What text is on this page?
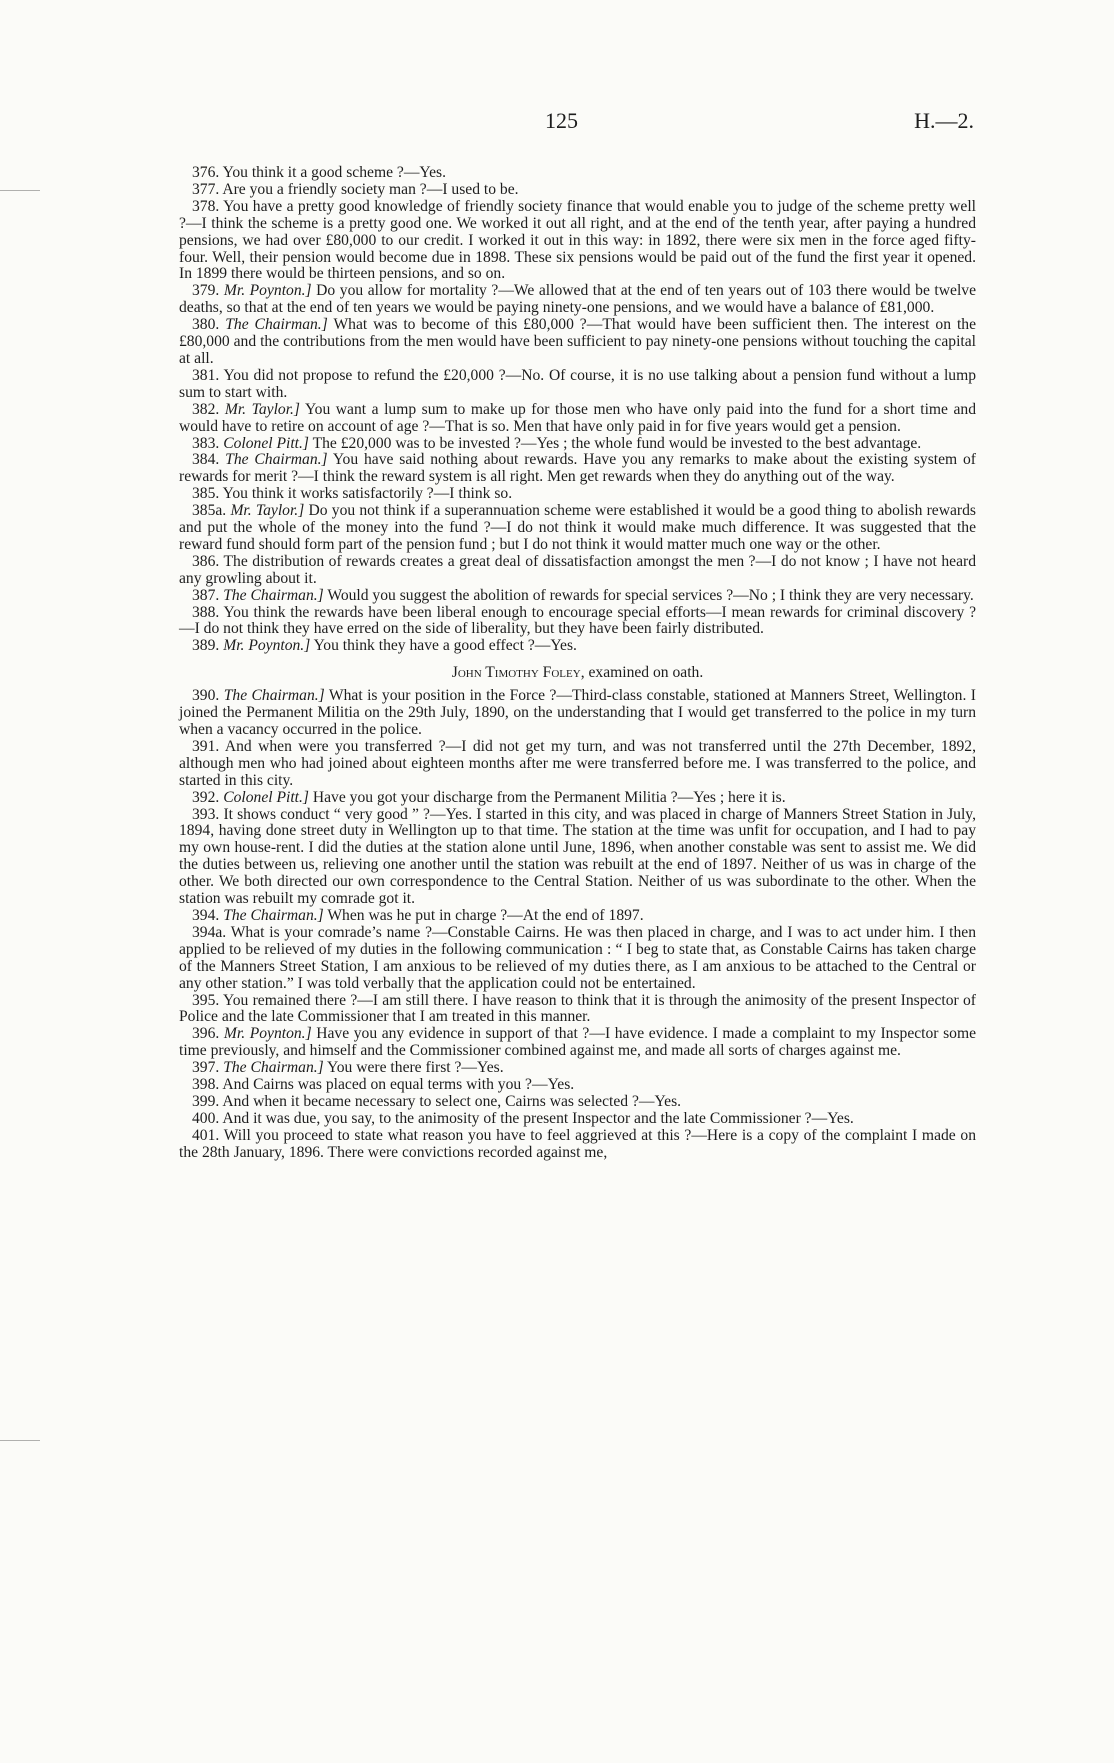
125	H.—2.

376. You think it a good scheme ?—Yes.

377. Are you a friendly society man ?—I used to be.

378. You have a pretty good knowledge of friendly society finance that would enable you to judge of the scheme pretty well ?—I think the scheme is a pretty good one. We worked it out all right, and at the end of the tenth year, after paying a hundred pensions, we had over £80,000 to our credit. I worked it out in this way: in 1892, there were six men in the force aged fifty-four. Well, their pension would become due in 1898. These six pensions would be paid out of the fund the first year it opened. In 1899 there would be thirteen pensions, and so on.

379. Mr. Poynton.] Do you allow for mortality ?—We allowed that at the end of ten years out of 103 there would be twelve deaths, so that at the end of ten years we would be paying ninety-one pensions, and we would have a balance of £81,000.

380. The Chairman.] What was to become of this £80,000 ?—That would have been sufficient then. The interest on the £80,000 and the contributions from the men would have been sufficient to pay ninety-one pensions without touching the capital at all.

381. You did not propose to refund the £20,000 ?—No. Of course, it is no use talking about a pension fund without a lump sum to start with.

382. Mr. Taylor.] You want a lump sum to make up for those men who have only paid into the fund for a short time and would have to retire on account of age ?—That is so. Men that have only paid in for five years would get a pension.

383. Colonel Pitt.] The £20,000 was to be invested ?—Yes ; the whole fund would be invested to the best advantage.

384. The Chairman.] You have said nothing about rewards. Have you any remarks to make about the existing system of rewards for merit ?—I think the reward system is all right. Men get rewards when they do anything out of the way.

385. You think it works satisfactorily ?—I think so.

385a. Mr. Taylor.] Do you not think if a superannuation scheme were established it would be a good thing to abolish rewards and put the whole of the money into the fund ?—I do not think it would make much difference. It was suggested that the reward fund should form part of the pension fund ; but I do not think it would matter much one way or the other.

386. The distribution of rewards creates a great deal of dissatisfaction amongst the men ?—I do not know ; I have not heard any growling about it.

387. The Chairman.] Would you suggest the abolition of rewards for special services ?—No ; I think they are very necessary.

388. You think the rewards have been liberal enough to encourage special efforts—I mean rewards for criminal discovery ?—I do not think they have erred on the side of liberality, but they have been fairly distributed.

389. Mr. Poynton.] You think they have a good effect ?—Yes.

John Timothy Foley, examined on oath.

390. The Chairman.] What is your position in the Force ?—Third-class constable, stationed at Manners Street, Wellington. I joined the Permanent Militia on the 29th July, 1890, on the understanding that I would get transferred to the police in my turn when a vacancy occurred in the police.

391. And when were you transferred ?—I did not get my turn, and was not transferred until the 27th December, 1892, although men who had joined about eighteen months after me were transferred before me. I was transferred to the police, and started in this city.

392. Colonel Pitt.] Have you got your discharge from the Permanent Militia ?—Yes ; here it is.

393. It shows conduct “ very good ” ?—Yes. I started in this city, and was placed in charge of Manners Street Station in July, 1894, having done street duty in Wellington up to that time. The station at the time was unfit for occupation, and I had to pay my own house-rent. I did the duties at the station alone until June, 1896, when another constable was sent to assist me. We did the duties between us, relieving one another until the station was rebuilt at the end of 1897. Neither of us was in charge of the other. We both directed our own correspondence to the Central Station. Neither of us was subordinate to the other. When the station was rebuilt my comrade got it.

394. The Chairman.] When was he put in charge ?—At the end of 1897.

394a. What is your comrade’s name ?—Constable Cairns. He was then placed in charge, and I was to act under him. I then applied to be relieved of my duties in the following communication : “ I beg to state that, as Constable Cairns has taken charge of the Manners Street Station, I am anxious to be relieved of my duties there, as I am anxious to be attached to the Central or any other station.” I was told verbally that the application could not be entertained.

395. You remained there ?—I am still there. I have reason to think that it is through the animosity of the present Inspector of Police and the late Commissioner that I am treated in this manner.

396. Mr. Poynton.] Have you any evidence in support of that ?—I have evidence. I made a complaint to my Inspector some time previously, and himself and the Commissioner combined against me, and made all sorts of charges against me.

397. The Chairman.] You were there first ?—Yes.

398. And Cairns was placed on equal terms with you ?—Yes.

399. And when it became necessary to select one, Cairns was selected ?—Yes.

400. And it was due, you say, to the animosity of the present Inspector and the late Commissioner ?—Yes.

401. Will you proceed to state what reason you have to feel aggrieved at this ?—Here is a copy of the complaint I made on the 28th January, 1896. There were convictions recorded against me,
